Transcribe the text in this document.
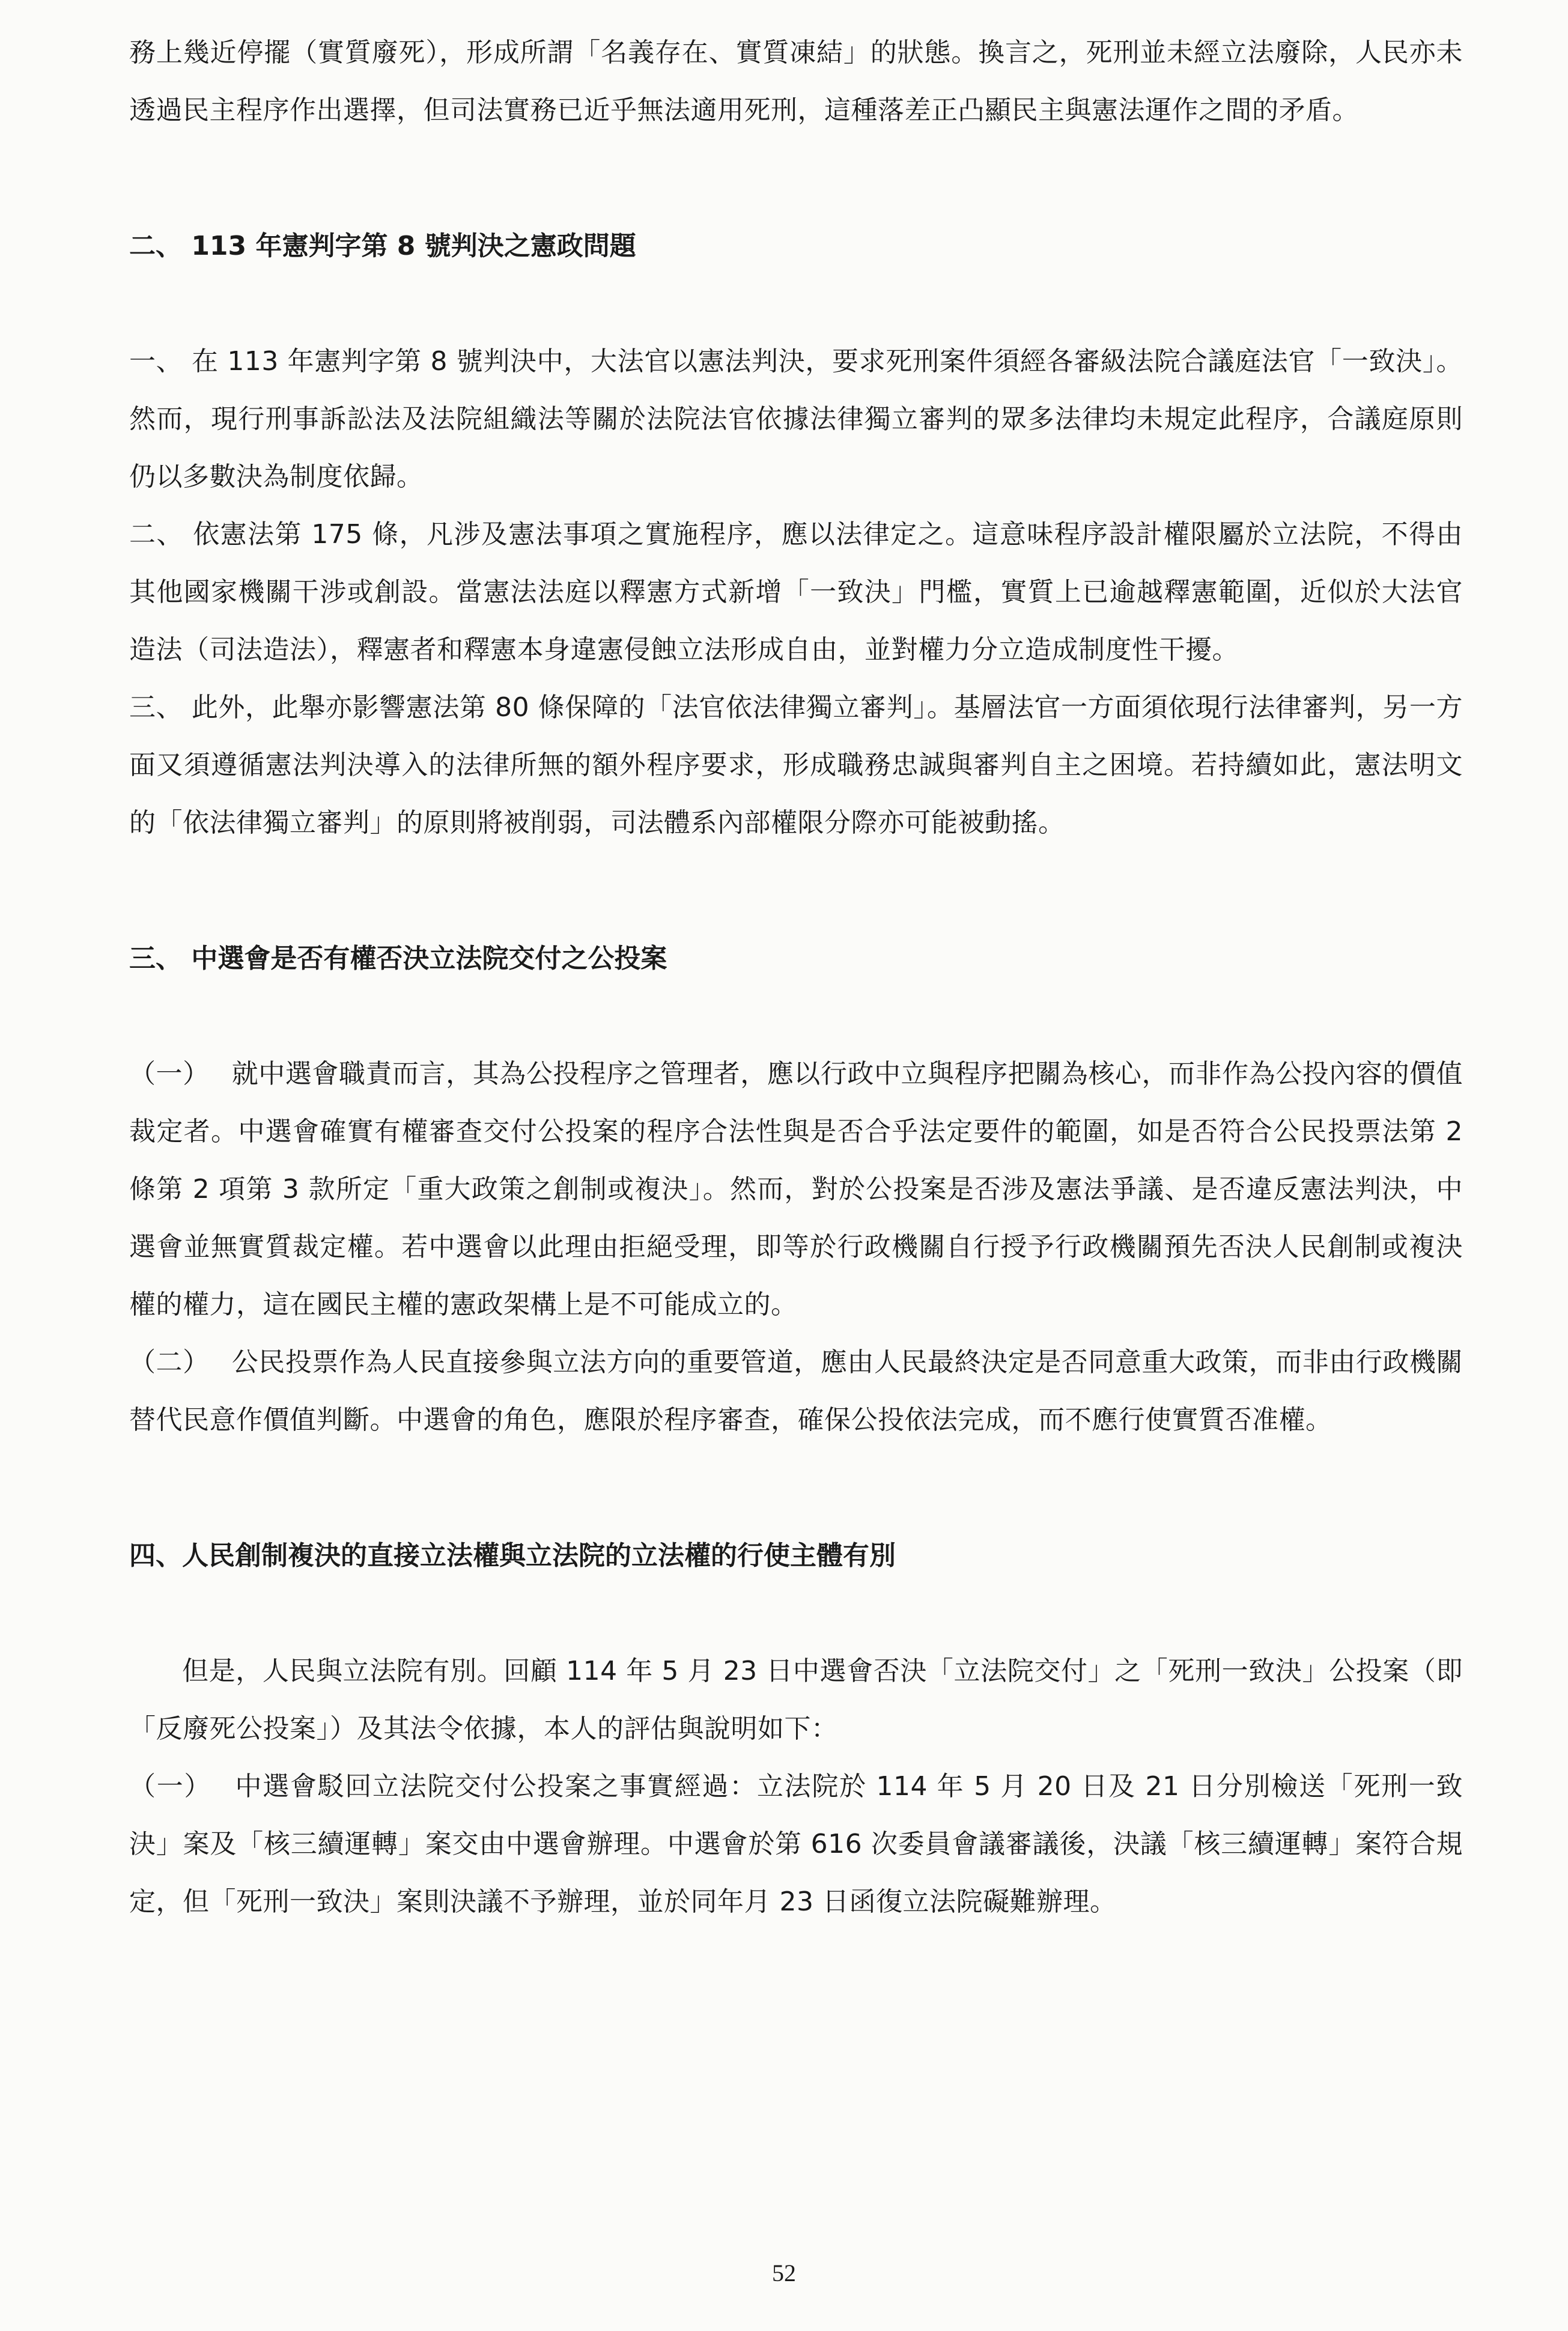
務上幾近停擺（實質廢死），形成所謂「名義存在、實質凍結」的狀態。換言之，死刑並未經立法廢除，人民亦未透過民主程序作出選擇，但司法實務已近乎無法適用死刑，這種落差正凸顯民主與憲法運作之間的矛盾。

二、 113 年憲判字第 8 號判決之憲政問題

一、 在 113 年憲判字第 8 號判決中，大法官以憲法判決，要求死刑案件須經各審級法院合議庭法官「一致決」。然而，現行刑事訴訟法及法院組織法等關於法院法官依據法律獨立審判的眾多法律均未規定此程序，合議庭原則仍以多數決為制度依歸。

二、 依憲法第 175 條，凡涉及憲法事項之實施程序，應以法律定之。這意味程序設計權限屬於立法院，不得由其他國家機關干涉或創設。當憲法法庭以釋憲方式新增「一致決」門檻，實質上已逾越釋憲範圍，近似於大法官造法（司法造法），釋憲者和釋憲本身違憲侵蝕立法形成自由，並對權力分立造成制度性干擾。

三、 此外，此舉亦影響憲法第 80 條保障的「法官依法律獨立審判」。基層法官一方面須依現行法律審判，另一方面又須遵循憲法判決導入的法律所無的額外程序要求，形成職務忠誠與審判自主之困境。若持續如此，憲法明文的「依法律獨立審判」的原則將被削弱，司法體系內部權限分際亦可能被動搖。

三、 中選會是否有權否決立法院交付之公投案

（一）　 就中選會職責而言，其為公投程序之管理者，應以行政中立與程序把關為核心，而非作為公投內容的價值裁定者。中選會確實有權審查交付公投案的程序合法性與是否合乎法定要件的範圍，如是否符合公民投票法第 2 條第 2 項第 3 款所定「重大政策之創制或複決」。然而，對於公投案是否涉及憲法爭議、是否違反憲法判決，中選會並無實質裁定權。若中選會以此理由拒絕受理，即等於行政機關自行授予行政機關預先否決人民創制或複決權的權力，這在國民主權的憲政架構上是不可能成立的。

（二）　 公民投票作為人民直接參與立法方向的重要管道，應由人民最終決定是否同意重大政策，而非由行政機關替代民意作價值判斷。中選會的角色，應限於程序審查，確保公投依法完成，而不應行使實質否准權。

四、人民創制複決的直接立法權與立法院的立法權的行使主體有別

但是，人民與立法院有別。回顧 114 年 5 月 23 日中選會否決「立法院交付」之「死刑一致決」公投案（即「反廢死公投案」）及其法令依據，本人的評估與說明如下：

（一）　 中選會駁回立法院交付公投案之事實經過：立法院於 114 年 5 月 20 日及 21 日分別檢送「死刑一致決」案及「核三續運轉」案交由中選會辦理。中選會於第 616 次委員會議審議後，決議「核三續運轉」案符合規定，但「死刑一致決」案則決議不予辦理，並於同年月 23 日函復立法院礙難辦理。

52
